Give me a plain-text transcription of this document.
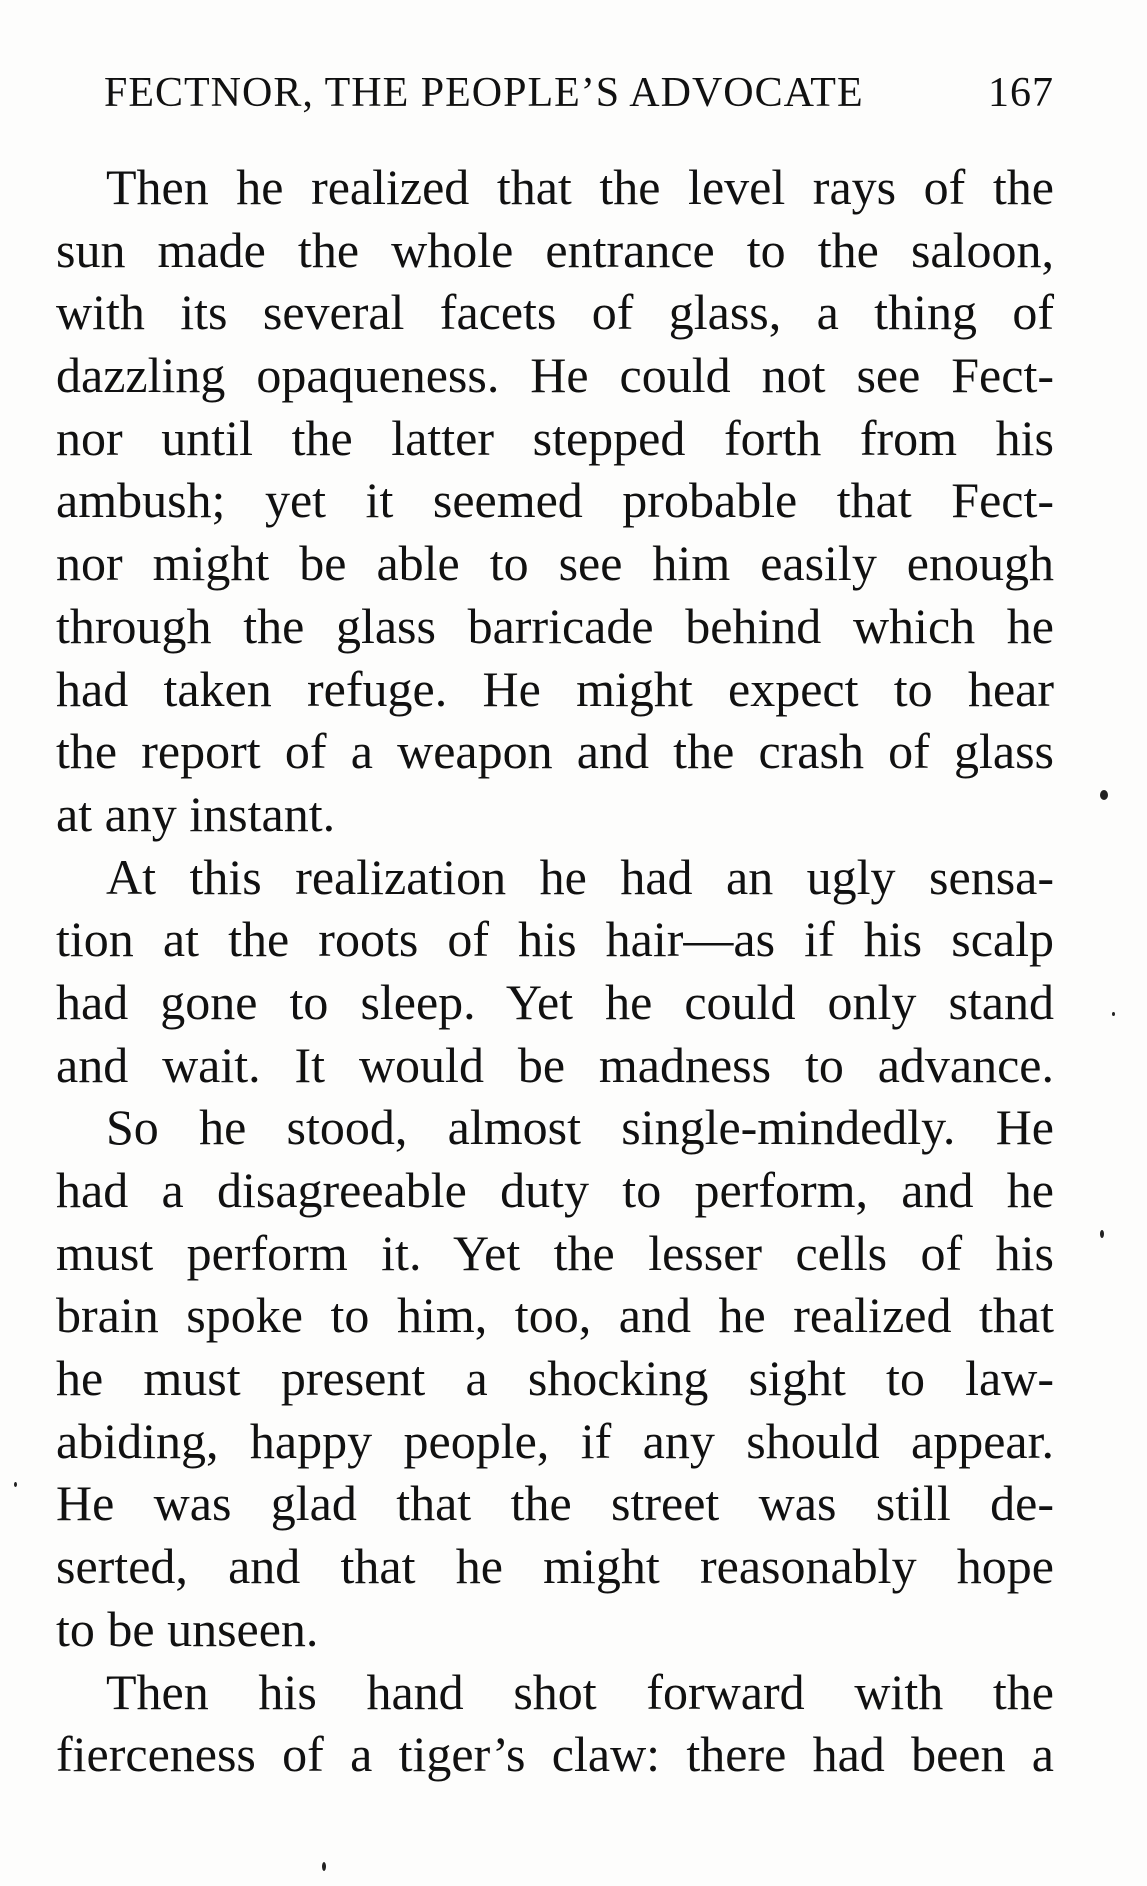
FECTNOR, THE PEOPLE’S ADVOCATE	167
Then he realized that the level rays of the
sun made the whole entrance to the saloon,
with its several facets of glass, a thing of
dazzling opaqueness. He could not see Fect-
nor until the latter stepped forth from his
ambush; yet it seemed probable that Fect-
nor might be able to see him easily enough
through the glass barricade behind which he
had taken refuge. He might expect to hear
the report of a weapon and the crash of glass
at any instant.
At this realization he had an ugly sensa-
tion at the roots of his hair—as if his scalp
had gone to sleep. Yet he could only stand
and wait. It would be madness to advance.
So he stood, almost single-mindedly. He
had a disagreeable duty to perform, and he
must perform it. Yet the lesser cells of his
brain spoke to him, too, and he realized that
he must present a shocking sight to law-
abiding, happy people, if any should appear.
He was glad that the street was still de-
serted, and that he might reasonably hope
to be unseen.
Then his hand shot forward with the
fierceness of a tiger’s claw: there had been a
